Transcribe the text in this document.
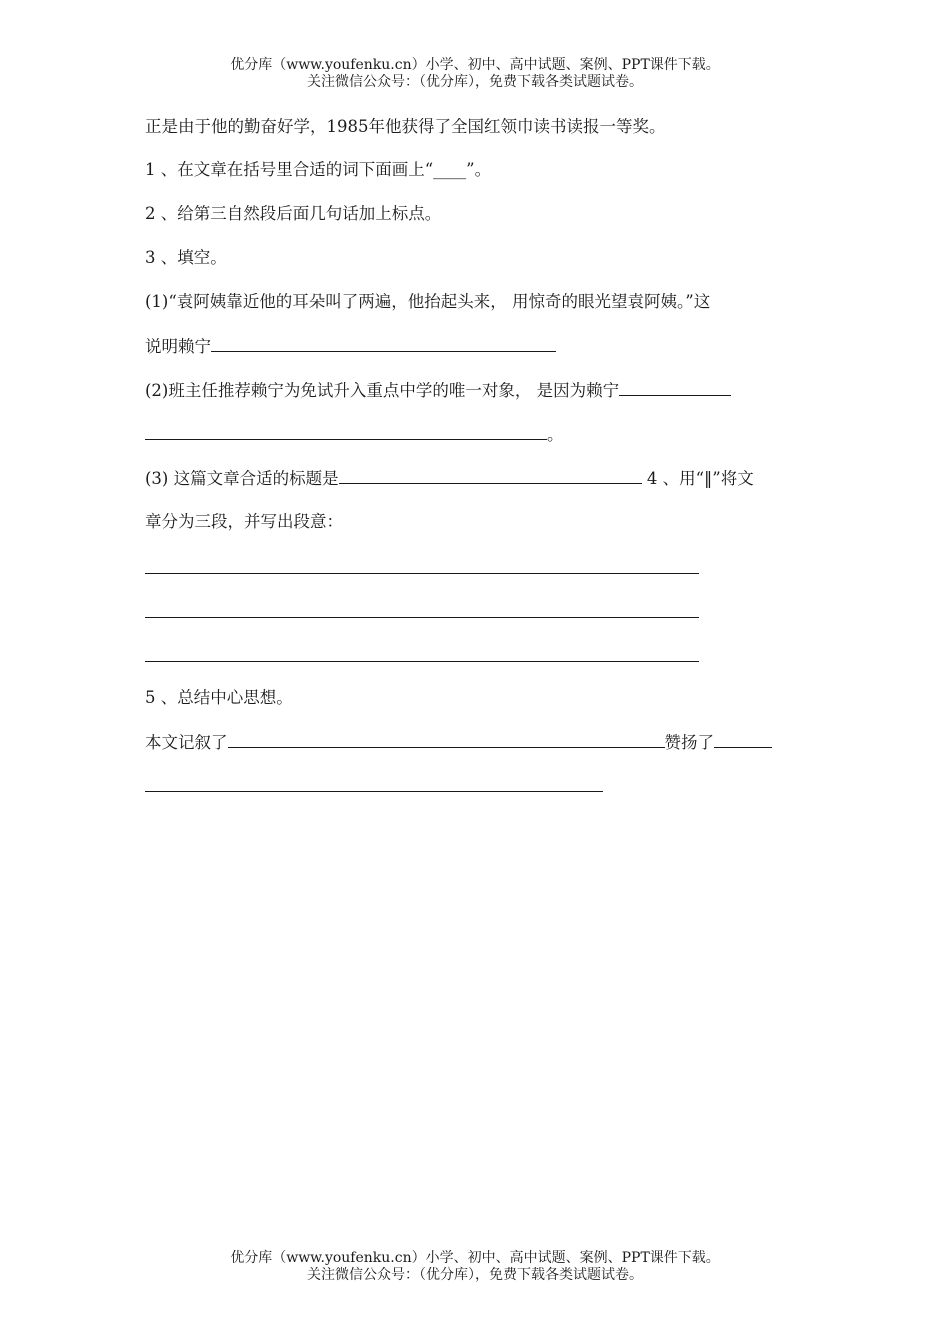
优分库（www.youfenku.cn）小学、初中、高中试题、案例、PPT课件下载。
关注微信公众号：（优分库），免费下载各类试题试卷。
正是由于他的勤奋好学，1985年他获得了全国红领巾读书读报一等奖。
1 、在文章在括号里合适的词下面画上“____”。
2 、给第三自然段后面几句话加上标点。
3 、填空。
(1)“袁阿姨靠近他的耳朵叫了两遍，他抬起头来， 用惊奇的眼光望袁阿姨。”这
说明赖宁
(2)班主任推荐赖宁为免试升入重点中学的唯一对象， 是因为赖宁
。
(3) 这篇文章合适的标题是	4 、用“‖”将文
章分为三段，并写出段意：
5 、总结中心思想。
本文记叙了	赞扬了
优分库（www.youfenku.cn）小学、初中、高中试题、案例、PPT课件下载。
关注微信公众号：（优分库），免费下载各类试题试卷。
